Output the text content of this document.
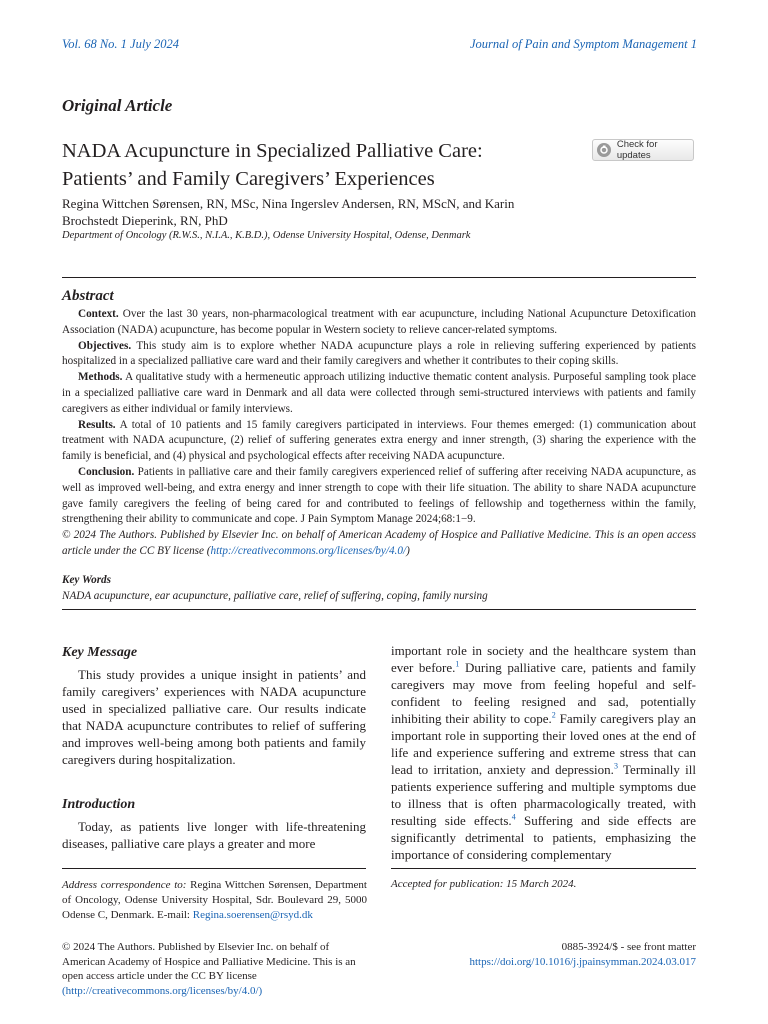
Vol. 68 No. 1 July 2024	Journal of Pain and Symptom Management 1
Original Article
NADA Acupuncture in Specialized Palliative Care:
Patients’ and Family Caregivers’ Experiences
Check for updates
Regina Wittchen Sørensen, RN, MSc, Nina Ingerslev Andersen, RN, MScN, and Karin Brochstedt Dieperink, RN, PhD
Department of Oncology (R.W.S., N.I.A., K.B.D.), Odense University Hospital, Odense, Denmark
Abstract

Context. Over the last 30 years, non-pharmacological treatment with ear acupuncture, including National Acupuncture Detoxification Association (NADA) acupuncture, has become popular in Western society to relieve cancer-related symptoms.

Objectives. This study aim is to explore whether NADA acupuncture plays a role in relieving suffering experienced by patients hospitalized in a specialized palliative care ward and their family caregivers and whether it contributes to their coping skills.

Methods. A qualitative study with a hermeneutic approach utilizing inductive thematic content analysis. Purposeful sampling took place in a specialized palliative care ward in Denmark and all data were collected through semi-structured interviews with patients and family caregivers as either individual or family interviews.

Results. A total of 10 patients and 15 family caregivers participated in interviews. Four themes emerged: (1) communication about treatment with NADA acupuncture, (2) relief of suffering generates extra energy and inner strength, (3) sharing the experience with the family is beneficial, and (4) physical and psychological effects after receiving NADA acupuncture.

Conclusion. Patients in palliative care and their family caregivers experienced relief of suffering after receiving NADA acupuncture, as well as improved well-being, and extra energy and inner strength to cope with their life situation. The ability to share NADA acupuncture gave family caregivers the feeling of being cared for and contributed to feelings of fellowship and togetherness within the family, strengthening their ability to communicate and cope. J Pain Symptom Manage 2024;68:1−9.

© 2024 The Authors. Published by Elsevier Inc. on behalf of American Academy of Hospice and Palliative Medicine. This is an open access article under the CC BY license (http://creativecommons.org/licenses/by/4.0/)

Key Words
NADA acupuncture, ear acupuncture, palliative care, relief of suffering, coping, family nursing
Key Message

This study provides a unique insight in patients’ and family caregivers’ experiences with NADA acupuncture used in specialized palliative care. Our results indicate that NADA acupuncture contributes to relief of suffering and improves well-being among both patients and family caregivers during hospitalization.

Introduction

Today, as patients live longer with life-threatening diseases, palliative care plays a greater and more

important role in society and the healthcare system than ever before.$^1$ During palliative care, patients and family caregivers may move from feeling hopeful and self-confident to feeling resigned and sad, potentially inhibiting their ability to cope.$^2$ Family caregivers play an important role in supporting their loved ones at the end of life and experience suffering and extreme stress that can lead to irritation, anxiety and depression.$^3$ Terminally ill patients experience suffering and multiple symptoms due to illness that is often pharmacologically treated, with resulting side effects.$^4$ Suffering and side effects are significantly detrimental to patients, emphasizing the importance of considering complementary

Address correspondence to: Regina Wittchen Sørensen, Department of Oncology, Odense University Hospital, Sdr. Boulevard 29, 5000 Odense C, Denmark. E-mail: Regina.soerensen@rsyd.dk
Accepted for publication: 15 March 2024.
© 2024 The Authors. Published by Elsevier Inc. on behalf of American Academy of Hospice and Palliative Medicine. This is an open access article under the CC BY license
(http://creativecommons.org/licenses/by/4.0/)
0885-3924/$ - see front matter
https://doi.org/10.1016/j.jpainsymman.2024.03.017
